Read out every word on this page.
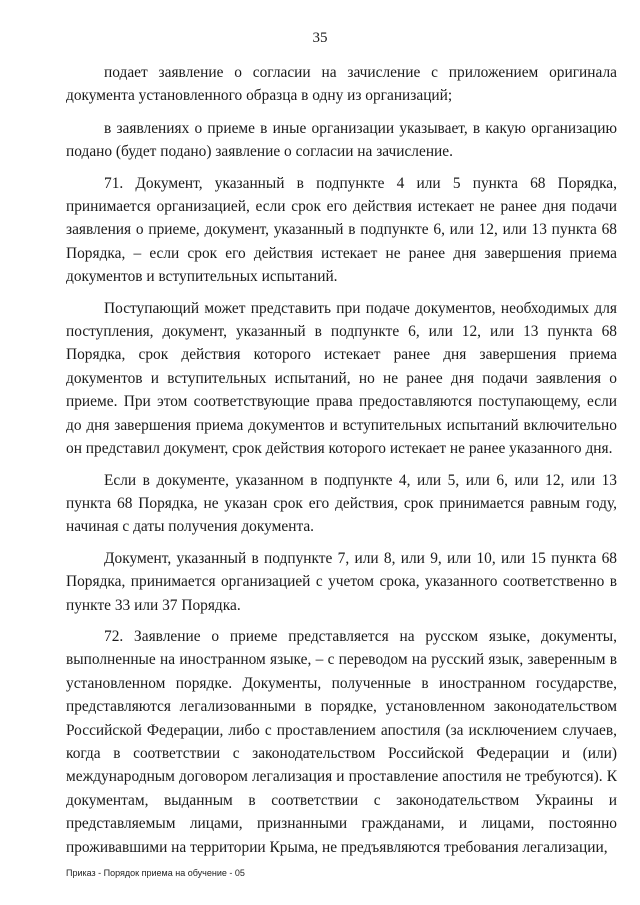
35

подает заявление о согласии на зачисление с приложением оригинала документа установленного образца в одну из организаций;

в заявлениях о приеме в иные организации указывает, в какую организацию подано (будет подано) заявление о согласии на зачисление.

71. Документ, указанный в подпункте 4 или 5 пункта 68 Порядка, принимается организацией, если срок его действия истекает не ранее дня подачи заявления о приеме, документ, указанный в подпункте 6, или 12, или 13 пункта 68 Порядка, – если срок его действия истекает не ранее дня завершения приема документов и вступительных испытаний.

Поступающий может представить при подаче документов, необходимых для поступления, документ, указанный в подпункте 6, или 12, или 13 пункта 68 Порядка, срок действия которого истекает ранее дня завершения приема документов и вступительных испытаний, но не ранее дня подачи заявления о приеме. При этом соответствующие права предоставляются поступающему, если до дня завершения приема документов и вступительных испытаний включительно он представил документ, срок действия которого истекает не ранее указанного дня.

Если в документе, указанном в подпункте 4, или 5, или 6, или 12, или 13 пункта 68 Порядка, не указан срок его действия, срок принимается равным году, начиная с даты получения документа.

Документ, указанный в подпункте 7, или 8, или 9, или 10, или 15 пункта 68 Порядка, принимается организацией с учетом срока, указанного соответственно в пункте 33 или 37 Порядка.

72. Заявление о приеме представляется на русском языке, документы, выполненные на иностранном языке, – с переводом на русский язык, заверенным в установленном порядке. Документы, полученные в иностранном государстве, представляются легализованными в порядке, установленном законодательством Российской Федерации, либо с проставлением апостиля (за исключением случаев, когда в соответствии с законодательством Российской Федерации и (или) международным договором легализация и проставление апостиля не требуются). К документам, выданным в соответствии с законодательством Украины и представляемым лицами, признанными гражданами, и лицами, постоянно проживавшими на территории Крыма, не предъявляются требования легализации,

Приказ - Порядок приема на обучение - 05
